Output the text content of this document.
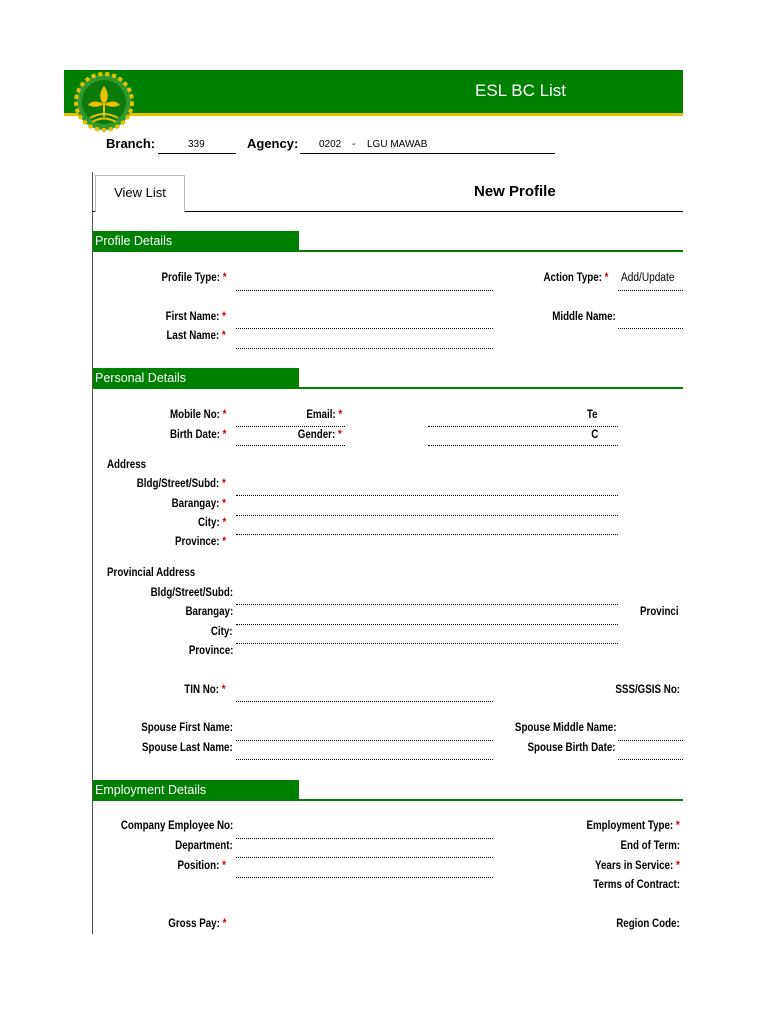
ESL BC List
Branch:	339	Agency: 0202 - LGU MAWAB
View List	New Profile
Profile Details
Profile Type: *	Action Type: * Add/Update
First Name: *	Middle Name:
Last Name: *
Personal Details
Mobile No: *	Email: *	Te
Birth Date: *	Gender: *	C
Address
Bldg/Street/Subd: *
Barangay: *
City: *
Province: *
Provincial Address
Bldg/Street/Subd:
Barangay:	Provinci
City:
Province:
TIN No: *	SSS/GSIS No:
Spouse First Name:	Spouse Middle Name:
Spouse Last Name:	Spouse Birth Date:
Employment Details
Company Employee No:	Employment Type: *
Department:	End of Term:
Position: *	Years in Service: *
Terms of Contract:
Gross Pay: *	Region Code:
